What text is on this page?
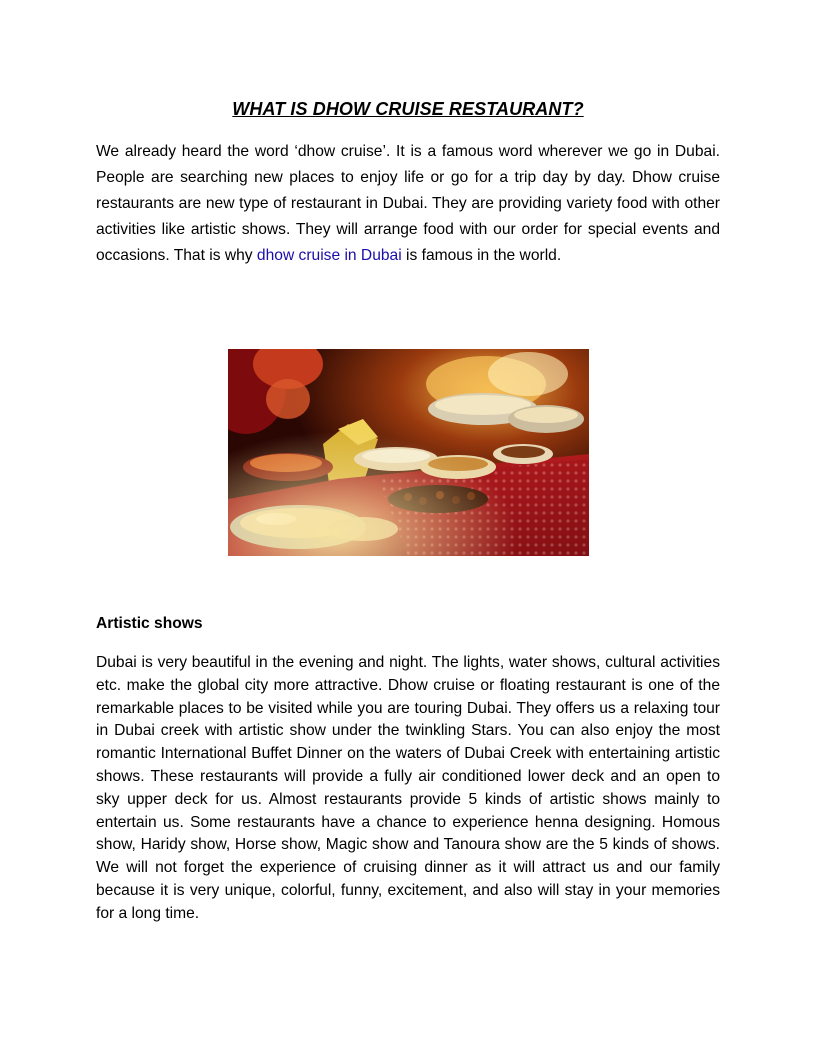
WHAT IS DHOW CRUISE RESTAURANT?

We already heard the word ‘dhow cruise’. It is a famous word wherever we go in Dubai. People are searching new places to enjoy life or go for a trip day by day. Dhow cruise restaurants are new type of restaurant in Dubai. They are providing variety food with other activities like artistic shows. They will arrange food with our order for special events and occasions. That is why dhow cruise in Dubai is famous in the world.

Artistic shows

Dubai is very beautiful in the evening and night. The lights, water shows, cultural activities etc. make the global city more attractive. Dhow cruise or floating restaurant is one of the remarkable places to be visited while you are touring Dubai. They offers us a relaxing tour in Dubai creek with artistic show under the twinkling Stars. You can also enjoy the most romantic International Buffet Dinner on the waters of Dubai Creek with entertaining artistic shows. These restaurants will provide a fully air conditioned lower deck and an open to sky upper deck for us. Almost restaurants provide 5 kinds of artistic shows mainly to entertain us. Some restaurants have a chance to experience henna designing. Homous show, Haridy show, Horse show, Magic show and Tanoura show are the 5 kinds of shows. We will not forget the experience of cruising dinner as it will attract us and our family because it is very unique, colorful, funny, excitement, and also will stay in your memories for a long time.
